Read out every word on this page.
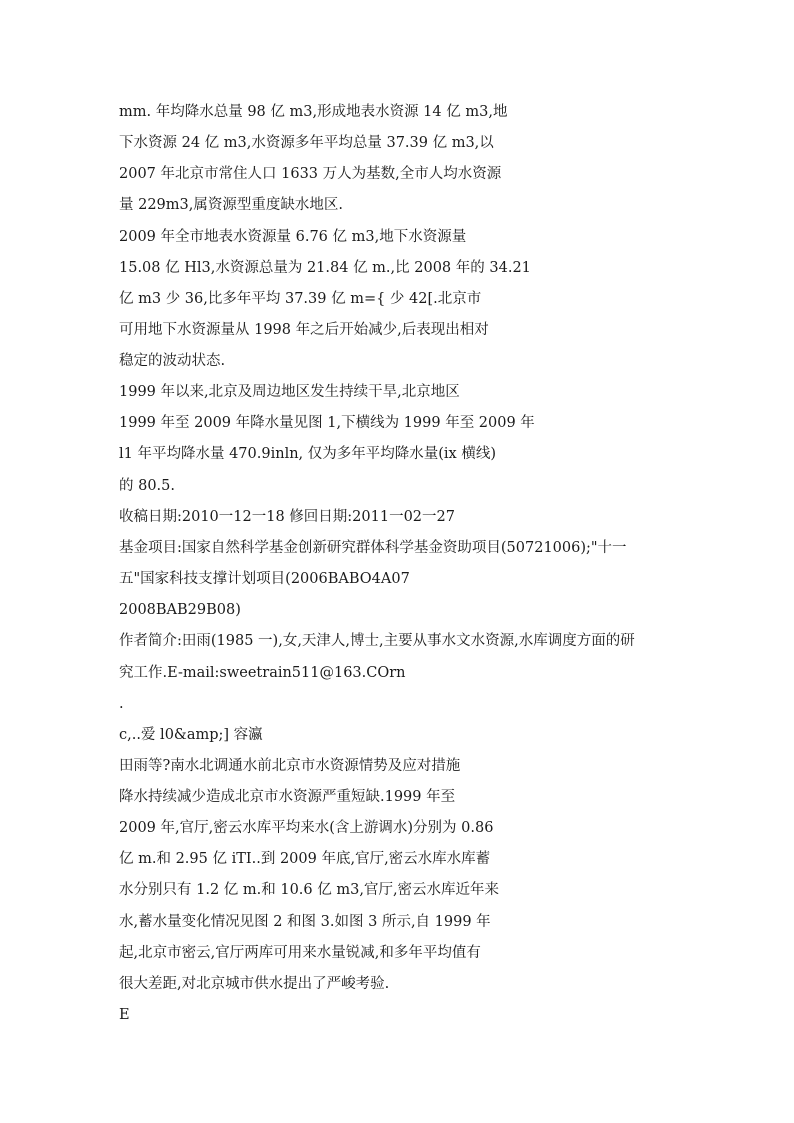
mm. 年均降水总量 98 亿 m3,形成地表水资源 14 亿 m3,地
下水资源 24 亿 m3,水资源多年平均总量 37.39 亿 m3,以
2007 年北京市常住人口 1633 万人为基数,全市人均水资源
量 229m3,属资源型重度缺水地区.
2009 年全市地表水资源量 6.76 亿 m3,地下水资源量
15.08 亿 Hl3,水资源总量为 21.84 亿 m.,比 2008 年的 34.21
亿 m3 少 36,比多年平均 37.39 亿 m={ 少 42[.北京市
可用地下水资源量从 1998 年之后开始减少,后表现出相对
稳定的波动状态.
1999 年以来,北京及周边地区发生持续干旱,北京地区
1999 年至 2009 年降水量见图 1,下横线为 1999 年至 2009 年
l1 年平均降水量 470.9inln, 仅为多年平均降水量(ix 横线)
的 80.5.
收稿日期:2010一12一18 修回日期:2011一02一27
基金项目:国家自然科学基金创新研究群体科学基金资助项目(50721006);"十一
五"国家科技支撑计划项目(2006BABO4A07
2008BAB29B08)
作者简介:田雨(1985 一),女,天津人,博士,主要从事水文水资源,水库调度方面的研
究工作.E-mail:sweetrain511@163.COrn
.
c,..爱 l0&amp;] 容瀛
田雨等?南水北调通水前北京市水资源情势及应对措施
降水持续减少造成北京市水资源严重短缺.1999 年至
2009 年,官厅,密云水库平均来水(含上游调水)分别为 0.86
亿 m.和 2.95 亿 iTI..到 2009 年底,官厅,密云水库水库蓄
水分别只有 1.2 亿 m.和 10.6 亿 m3,官厅,密云水库近年来
水,蓄水量变化情况见图 2 和图 3.如图 3 所示,自 1999 年
起,北京市密云,官厅两库可用来水量锐减,和多年平均值有
很大差距,对北京城市供水提出了严峻考验.
E
